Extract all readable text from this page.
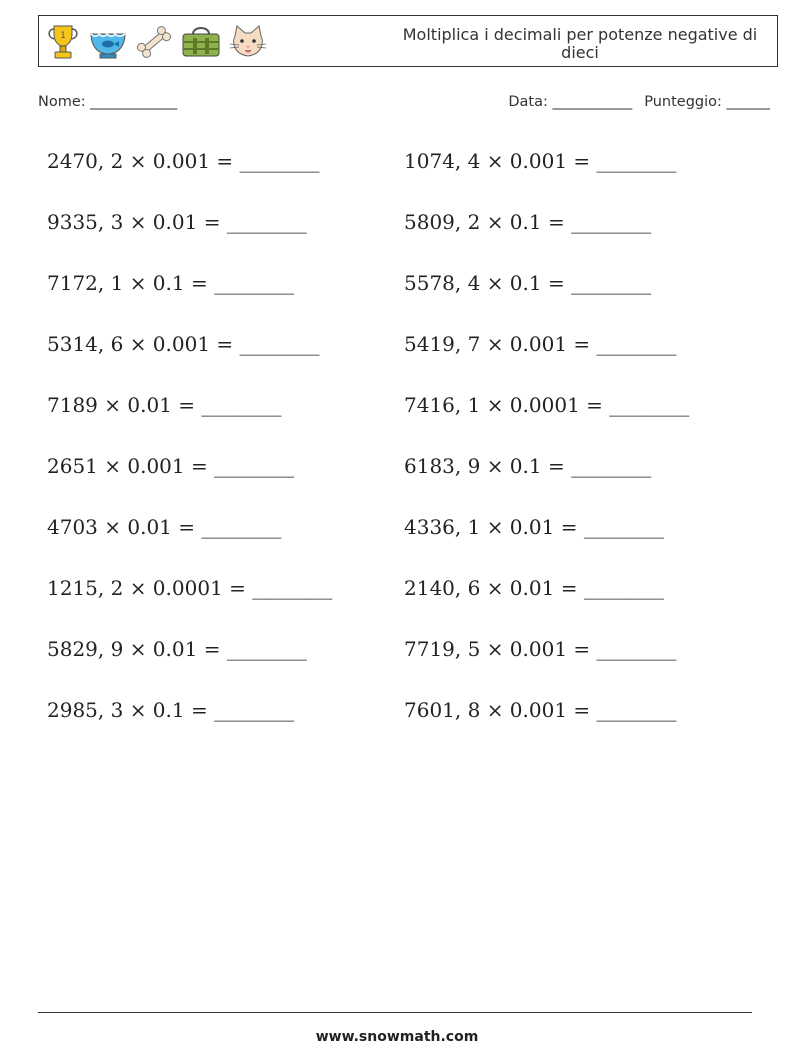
1	Moltiplica i decimali per potenze negative di dieci
Nome: ____________	Data: ___________ Punteggio: ______
2470, 2 × 0.001 = ________
9335, 3 × 0.01 = ________
7172, 1 × 0.1 = ________
5314, 6 × 0.001 = ________
7189 × 0.01 = ________
2651 × 0.001 = ________
4703 × 0.01 = ________
1215, 2 × 0.0001 = ________
5829, 9 × 0.01 = ________
2985, 3 × 0.1 = ________
1074, 4 × 0.001 = ________
5809, 2 × 0.1 = ________
5578, 4 × 0.1 = ________
5419, 7 × 0.001 = ________
7416, 1 × 0.0001 = ________
6183, 9 × 0.1 = ________
4336, 1 × 0.01 = ________
2140, 6 × 0.01 = ________
7719, 5 × 0.001 = ________
7601, 8 × 0.001 = ________
www.snowmath.com
